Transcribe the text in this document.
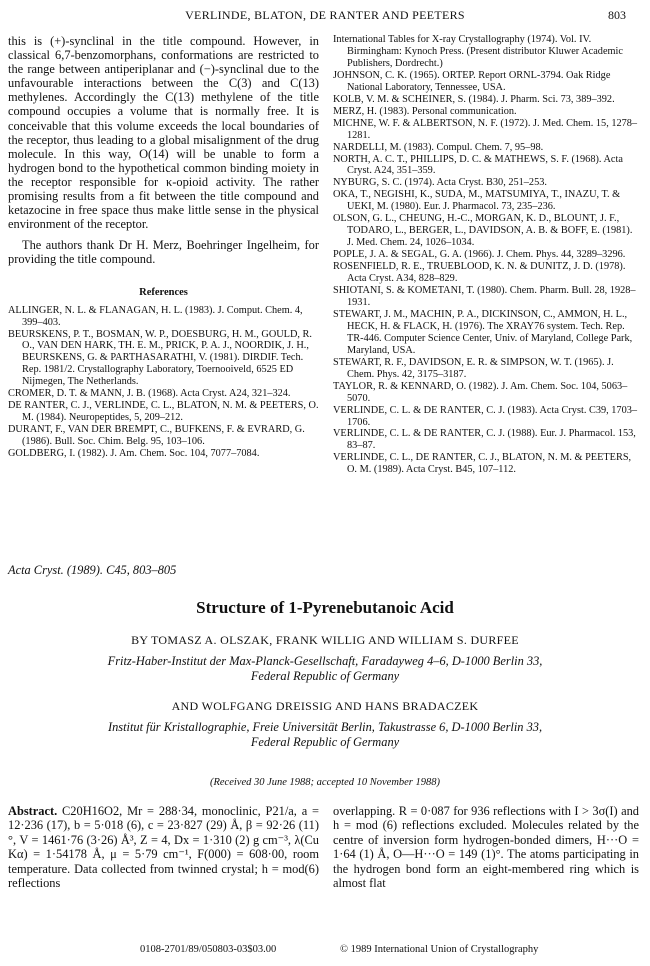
VERLINDE, BLATON, DE RANTER AND PEETERS	803

this is (+)-synclinal in the title compound. However, in classical 6,7-benzomorphans, conformations are restricted to the range between antiperiplanar and (−)-synclinal due to the unfavourable interactions between the C(3) and C(13) methylenes. Accordingly the C(13) methylene of the title compound occupies a volume that is normally free. It is conceivable that this volume exceeds the local boundaries of the receptor, thus leading to a global misalignment of the drug molecule. In this way, O(14) will be unable to form a hydrogen bond to the hypothetical common binding moiety in the receptor responsible for κ-opioid activity. The rather promising results from a fit between the title compound and ketazocine in free space thus make little sense in the physical environment of the receptor.

The authors thank Dr H. Merz, Boehringer Ingelheim, for providing the title compound.

References

ALLINGER, N. L. & FLANAGAN, H. L. (1983). J. Comput. Chem. 4, 399–403.

BEURSKENS, P. T., BOSMAN, W. P., DOESBURG, H. M., GOULD, R. O., VAN DEN HARK, TH. E. M., PRICK, P. A. J., NOORDIK, J. H., BEURSKENS, G. & PARTHASARATHI, V. (1981). DIRDIF. Tech. Rep. 1981/2. Crystallography Laboratory, Toernooiveld, 6525 ED Nijmegen, The Netherlands.

CROMER, D. T. & MANN, J. B. (1968). Acta Cryst. A24, 321–324.

DE RANTER, C. J., VERLINDE, C. L., BLATON, N. M. & PEETERS, O. M. (1984). Neuropeptides, 5, 209–212.

DURANT, F., VAN DER BREMPT, C., BUFKENS, F. & EVRARD, G. (1986). Bull. Soc. Chim. Belg. 95, 103–106.

GOLDBERG, I. (1982). J. Am. Chem. Soc. 104, 7077–7084.

International Tables for X-ray Crystallography (1974). Vol. IV. Birmingham: Kynoch Press. (Present distributor Kluwer Academic Publishers, Dordrecht.)

JOHNSON, C. K. (1965). ORTEP. Report ORNL-3794. Oak Ridge National Laboratory, Tennessee, USA.

KOLB, V. M. & SCHEINER, S. (1984). J. Pharm. Sci. 73, 389–392.

MERZ, H. (1983). Personal communication.

MICHNE, W. F. & ALBERTSON, N. F. (1972). J. Med. Chem. 15, 1278–1281.

NARDELLI, M. (1983). Compul. Chem. 7, 95–98.

NORTH, A. C. T., PHILLIPS, D. C. & MATHEWS, S. F. (1968). Acta Cryst. A24, 351–359.

NYBURG, S. C. (1974). Acta Cryst. B30, 251–253.

OKA, T., NEGISHI, K., SUDA, M., MATSUMIYA, T., INAZU, T. & UEKI, M. (1980). Eur. J. Pharmacol. 73, 235–236.

OLSON, G. L., CHEUNG, H.-C., MORGAN, K. D., BLOUNT, J. F., TODARO, L., BERGER, L., DAVIDSON, A. B. & BOFF, E. (1981). J. Med. Chem. 24, 1026–1034.

POPLE, J. A. & SEGAL, G. A. (1966). J. Chem. Phys. 44, 3289–3296.

ROSENFIELD, R. E., TRUEBLOOD, K. N. & DUNITZ, J. D. (1978). Acta Cryst. A34, 828–829.

SHIOTANI, S. & KOMETANI, T. (1980). Chem. Pharm. Bull. 28, 1928–1931.

STEWART, J. M., MACHIN, P. A., DICKINSON, C., AMMON, H. L., HECK, H. & FLACK, H. (1976). The XRAY76 system. Tech. Rep. TR-446. Computer Science Center, Univ. of Maryland, College Park, Maryland, USA.

STEWART, R. F., DAVIDSON, E. R. & SIMPSON, W. T. (1965). J. Chem. Phys. 42, 3175–3187.

TAYLOR, R. & KENNARD, O. (1982). J. Am. Chem. Soc. 104, 5063–5070.

VERLINDE, C. L. & DE RANTER, C. J. (1983). Acta Cryst. C39, 1703–1706.

VERLINDE, C. L. & DE RANTER, C. J. (1988). Eur. J. Pharmacol. 153, 83–87.

VERLINDE, C. L., DE RANTER, C. J., BLATON, N. M. & PEETERS, O. M. (1989). Acta Cryst. B45, 107–112.

Acta Cryst. (1989). C45, 803–805
Structure of 1-Pyrenebutanoic Acid
BY TOMASZ A. OLSZAK, FRANK WILLIG AND WILLIAM S. DURFEE
Fritz-Haber-Institut der Max-Planck-Gesellschaft, Faradayweg 4–6, D-1000 Berlin 33,
Federal Republic of Germany
AND WOLFGANG DREISSIG AND HANS BRADACZEK
Institut für Kristallographie, Freie Universität Berlin, Takustrasse 6, D-1000 Berlin 33,
Federal Republic of Germany
(Received 30 June 1988; accepted 10 November 1988)
Abstract. C20H16O2, Mr = 288·34, monoclinic, P21/a, a = 12·236 (17), b = 5·018 (6), c = 23·827 (29) Å, β = 92·26 (11)°, V = 1461·76 (3·26) Å³, Z = 4, Dx = 1·310 (2) g cm⁻³, λ(Cu Kα) = 1·54178 Å, μ = 5·79 cm⁻¹, F(000) = 608·00, room temperature. Data collected from twinned crystal; h = mod(6) reflections
overlapping. R = 0·087 for 936 reflections with I > 3σ(I) and h = mod (6) reflections excluded. Molecules related by the centre of inversion form hydrogen-bonded dimers, H···O = 1·64 (1) Å, O—H···O = 149 (1)°. The atoms participating in the hydrogen bond form an eight-membered ring which is almost flat
0108-2701/89/050803-03$03.00	© 1989 International Union of Crystallography
